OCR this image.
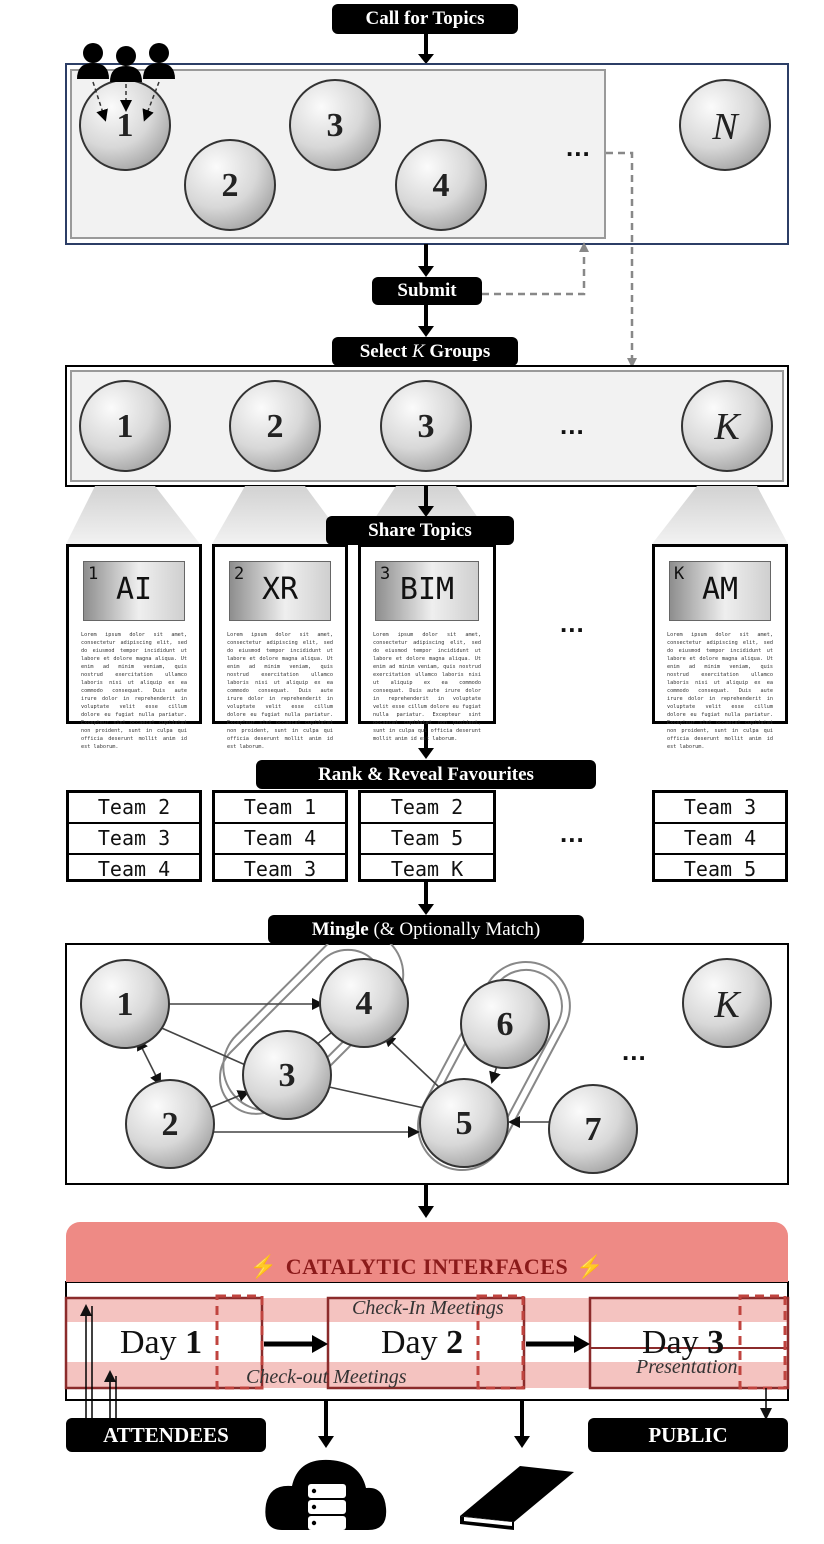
Call for Topics
1
2
3
4
N
...
Submit
Select K Groups
1	2	3	K
...
Share Topics
1 AI
Lorem ipsum dolor sit amet, consectetur adipiscing elit, sed do eiusmod tempor incididunt ut labore et dolore magna aliqua. Ut enim ad minim veniam, quis nostrud exercitation ullamco laboris nisi ut aliquip ex ea commodo consequat. Duis aute irure dolor in reprehenderit in voluptate velit esse cillum dolore eu fugiat nulla pariatur. Excepteur sint occaecat cupidatat non proident, sunt in culpa qui officia deserunt mollit anim id est laborum.
2 XR
Lorem ipsum dolor sit amet, consectetur adipiscing elit, sed do eiusmod tempor incididunt ut labore et dolore magna aliqua. Ut enim ad minim veniam, quis nostrud exercitation ullamco laboris nisi ut aliquip ex ea commodo consequat. Duis aute irure dolor in reprehenderit in voluptate velit esse cillum dolore eu fugiat nulla pariatur. Excepteur sint occaecat cupidatat non proident, sunt in culpa qui officia deserunt mollit anim id est laborum.
3 BIM
Lorem ipsum dolor sit amet, consectetur adipiscing elit, sed do eiusmod tempor incididunt ut labore et dolore magna aliqua. Ut enim ad minim veniam, quis nostrud exercitation ullamco laboris nisi ut aliquip ex ea commodo consequat. Duis aute irure dolor in reprehenderit in voluptate velit esse cillum dolore eu fugiat nulla pariatur. Excepteur sint occaecat cupidatat non proident, sunt in culpa qui officia deserunt mollit anim id est laborum.
...
K AM
Lorem ipsum dolor sit amet, consectetur adipiscing elit, sed do eiusmod tempor incididunt ut labore et dolore magna aliqua. Ut enim ad minim veniam, quis nostrud exercitation ullamco laboris nisi ut aliquip ex ea commodo consequat. Duis aute irure dolor in reprehenderit in voluptate velit esse cillum dolore eu fugiat nulla pariatur. Excepteur sint occaecat cupidatat non proident, sunt in culpa qui officia deserunt mollit anim id est laborum.
Rank & Reveal Favourites
Team 2
Team 3
Team 4
Team 1
Team 4
Team 3
Team 2
Team 5
Team K
...
Team 3
Team 4
Team 5
Mingle (& Optionally Match)
1
2
3
4
5
6
7
K
...
⚡ CATALYTIC INTERFACES ⚡
Day 1	Day 2	Day 3
Check-In Meetings
Check-out Meetings	Presentation
ATTENDEES	PUBLIC
